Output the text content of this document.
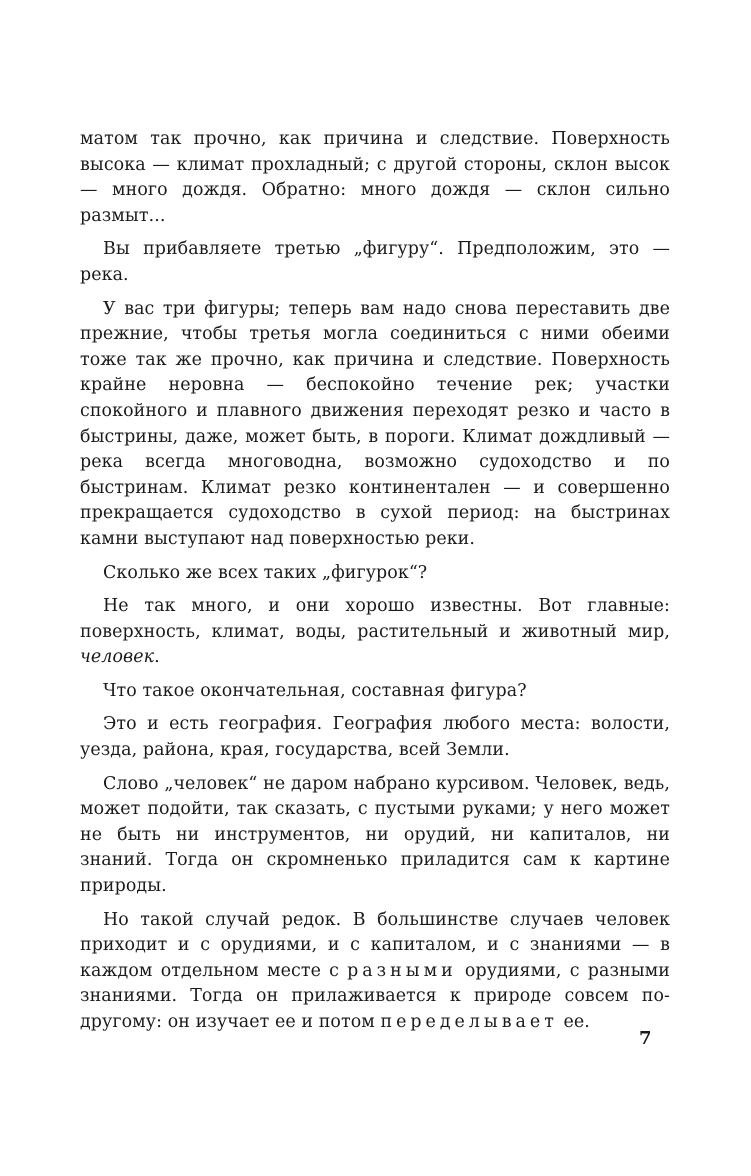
матом так прочно, как причина и следствие. Поверхность высока — климат прохладный; с другой стороны, склон высок — много дождя. Обратно: много дождя — склон сильно размыт...

Вы прибавляете третью „фигуру“. Предположим, это — река.

У вас три фигуры; теперь вам надо снова переставить две прежние, чтобы третья могла соединиться с ними обеими тоже так же прочно, как причина и следствие. Поверхность крайне неровна — беспокойно течение рек; участки спокойного и плавного движения переходят резко и часто в быстрины, даже, может быть, в пороги. Климат дождливый — река всегда многоводна, возможно судоходство и по быстринам. Климат резко континентален — и совершенно прекращается судоходство в сухой период: на быстринах камни выступают над поверхностью реки.

Сколько же всех таких „фигурок“?

Не так много, и они хорошо известны. Вот главные: поверхность, климат, воды, растительный и животный мир, человек.

Что такое окончательная, составная фигура?

Это и есть география. География любого места: волости, уезда, района, края, государства, всей Земли.

Слово „человек“ не даром набрано курсивом. Человек, ведь, может подойти, так сказать, с пустыми руками; у него может не быть ни инструментов, ни орудий, ни капиталов, ни знаний. Тогда он скромненько приладится сам к картине природы.

Но такой случай редок. В большинстве случаев человек приходит и с орудиями, и с капиталом, и с знаниями — в каждом отдельном месте с разными орудиями, с разными знаниями. Тогда он прилаживается к природе совсем по-другому: он изучает ее и потом переделывает ее.

7
